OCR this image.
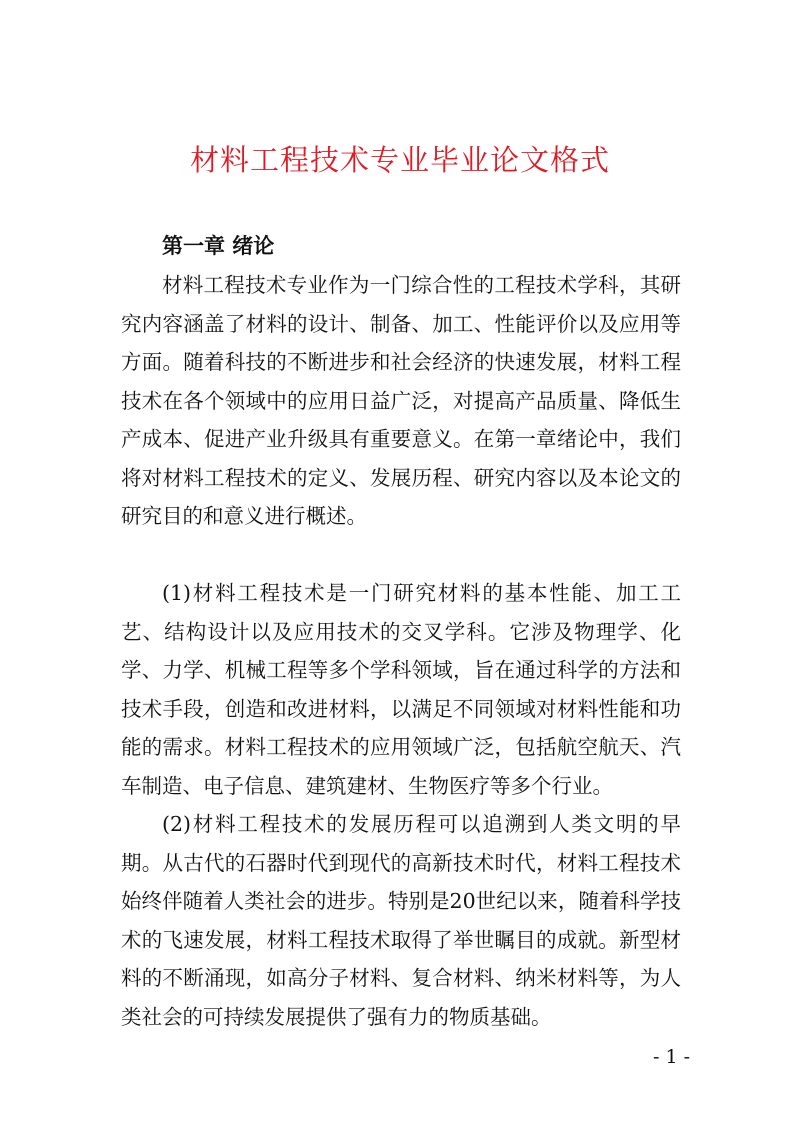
材料工程技术专业毕业论文格式
第一章 绪论

材料工程技术专业作为一门综合性的工程技术学科，其研究内容涵盖了材料的设计、制备、加工、性能评价以及应用等方面。随着科技的不断进步和社会经济的快速发展，材料工程技术在各个领域中的应用日益广泛，对提高产品质量、降低生产成本、促进产业升级具有重要意义。在第一章绪论中，我们将对材料工程技术的定义、发展历程、研究内容以及本论文的研究目的和意义进行概述。

(1)材料工程技术是一门研究材料的基本性能、加工工艺、结构设计以及应用技术的交叉学科。它涉及物理学、化学、力学、机械工程等多个学科领域，旨在通过科学的方法和技术手段，创造和改进材料，以满足不同领域对材料性能和功能的需求。材料工程技术的应用领域广泛，包括航空航天、汽车制造、电子信息、建筑建材、生物医疗等多个行业。

(2)材料工程技术的发展历程可以追溯到人类文明的早期。从古代的石器时代到现代的高新技术时代，材料工程技术始终伴随着人类社会的进步。特别是20世纪以来，随着科学技术的飞速发展，材料工程技术取得了举世瞩目的成就。新型材料的不断涌现，如高分子材料、复合材料、纳米材料等，为人类社会的可持续发展提供了强有力的物质基础。

- 1 -
